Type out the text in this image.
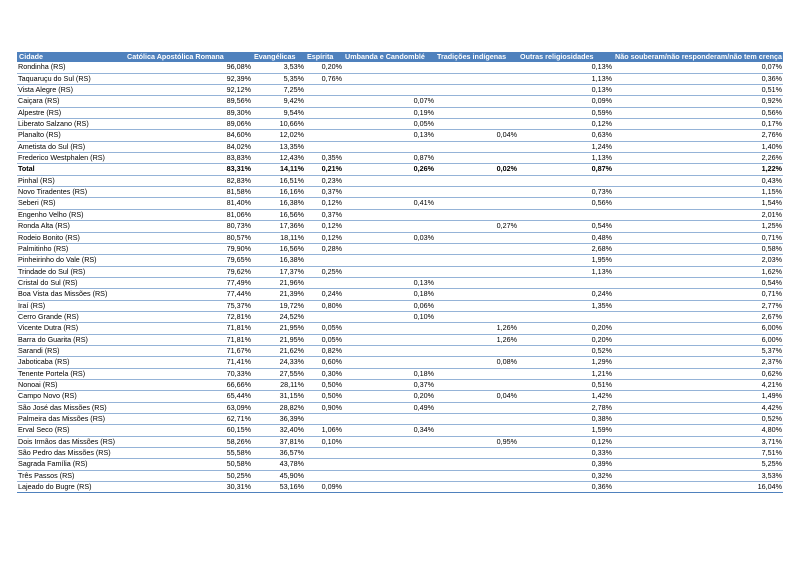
Cidade	Católica Apostólica Romana	Evangélicas	Espírita	Umbanda e Candomblé	Tradições indígenas	Outras religiosidades	Não souberam/não responderam/não tem crença
Rondinha (RS)	96,08%	3,53%	0,20%			0,13%	0,07%
Taquaruçu do Sul (RS)	92,39%	5,35%	0,76%			1,13%	0,36%
Vista Alegre (RS)	92,12%	7,25%				0,13%	0,51%
Caiçara (RS)	89,56%	9,42%		0,07%		0,09%	0,92%
Alpestre (RS)	89,30%	9,54%		0,19%		0,59%	0,56%
Liberato Salzano (RS)	89,06%	10,66%		0,05%		0,12%	0,17%
Planalto (RS)	84,60%	12,02%		0,13%	0,04%	0,63%	2,76%
Ametista do Sul (RS)	84,02%	13,35%				1,24%	1,40%
Frederico Westphalen (RS)	83,83%	12,43%	0,35%	0,87%		1,13%	2,26%
Total	83,31%	14,11%	0,21%	0,26%	0,02%	0,87%	1,22%
Pinhal (RS)	82,83%	16,51%	0,23%				0,43%
Novo Tiradentes (RS)	81,58%	16,16%	0,37%			0,73%	1,15%
Seberi (RS)	81,40%	16,38%	0,12%	0,41%		0,56%	1,54%
Engenho Velho (RS)	81,06%	16,56%	0,37%				2,01%
Ronda Alta (RS)	80,73%	17,36%	0,12%		0,27%	0,54%	1,25%
Rodeio Bonito (RS)	80,57%	18,11%	0,12%	0,03%		0,48%	0,71%
Palmitinho (RS)	79,90%	16,56%	0,28%			2,68%	0,58%
Pinheirinho do Vale (RS)	79,65%	16,38%				1,95%	2,03%
Trindade do Sul (RS)	79,62%	17,37%	0,25%			1,13%	1,62%
Cristal do Sul (RS)	77,49%	21,96%		0,13%			0,54%
Boa Vista das Missões (RS)	77,44%	21,39%	0,24%	0,18%		0,24%	0,71%
Iraí (RS)	75,37%	19,72%	0,80%	0,06%		1,35%	2,77%
Cerro Grande (RS)	72,81%	24,52%		0,10%			2,67%
Vicente Dutra (RS)	71,81%	21,95%	0,05%		1,26%	0,20%	6,00%
Barra do Guarita (RS)	71,81%	21,95%	0,05%		1,26%	0,20%	6,00%
Sarandi (RS)	71,67%	21,62%	0,82%			0,52%	5,37%
Jaboticaba (RS)	71,41%	24,33%	0,60%		0,08%	1,29%	2,37%
Tenente Portela (RS)	70,33%	27,55%	0,30%	0,18%		1,21%	0,62%
Nonoai (RS)	66,66%	28,11%	0,50%	0,37%		0,51%	4,21%
Campo Novo (RS)	65,44%	31,15%	0,50%	0,20%	0,04%	1,42%	1,49%
São José das Missões (RS)	63,09%	28,82%	0,90%	0,49%		2,78%	4,42%
Palmeira das Missões (RS)	62,71%	36,39%				0,38%	0,52%
Erval Seco (RS)	60,15%	32,40%	1,06%	0,34%		1,59%	4,80%
Dois Irmãos das Missões (RS)	58,26%	37,81%	0,10%		0,95%	0,12%	3,71%
São Pedro das Missões (RS)	55,58%	36,57%				0,33%	7,51%
Sagrada Família (RS)	50,58%	43,78%				0,39%	5,25%
Três Passos (RS)	50,25%	45,90%				0,32%	3,53%
Lajeado do Bugre (RS)	30,31%	53,16%	0,09%			0,36%	16,04%
